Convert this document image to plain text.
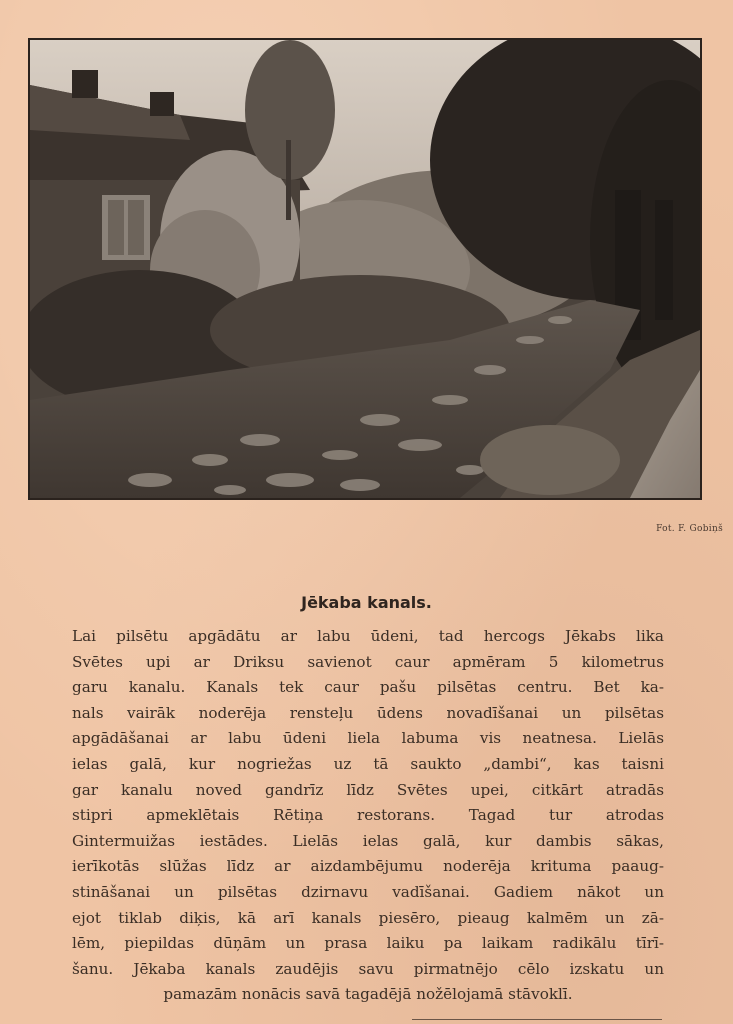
Fot. F. Gobiņš
Jēkaba kanals.
Lai pilsētu apgādātu ar labu ūdeni, tad hercogs Jēkabs lika
Svētes upi ar Driksu savienot caur apmēram 5 kilometrus
garu kanalu. Kanals tek caur pašu pilsētas centru. Bet ka-
nals vairāk noderēja rensteļu ūdens novadīšanai un pilsētas
apgādāšanai ar labu ūdeni liela labuma vis neatnesa. Lielās
ielas galā, kur nogriežas uz tā saukto „dambi“, kas taisni
gar kanalu noved gandrīz līdz Svētes upei, citkārt atradās
stipri apmeklētais Rētiņa restorans. Tagad tur atrodas
Gintermuižas iestādes. Lielās ielas galā, kur dambis sākas,
ierīkotās slūžas līdz ar aizdambējumu noderēja krituma paaug-
stināšanai un pilsētas dzirnavu vadīšanai. Gadiem nākot un
ejot tiklab diķis, kā arī kanals piesēro, pieaug kalmēm un zā-
lēm, piepildas dūņām un prasa laiku pa laikam radikālu tīrī-
šanu. Jēkaba kanals zaudējis savu pirmatnējo cēlo izskatu un
pamazām nonācis savā tagadējā nožēlojamā stāvoklī.
